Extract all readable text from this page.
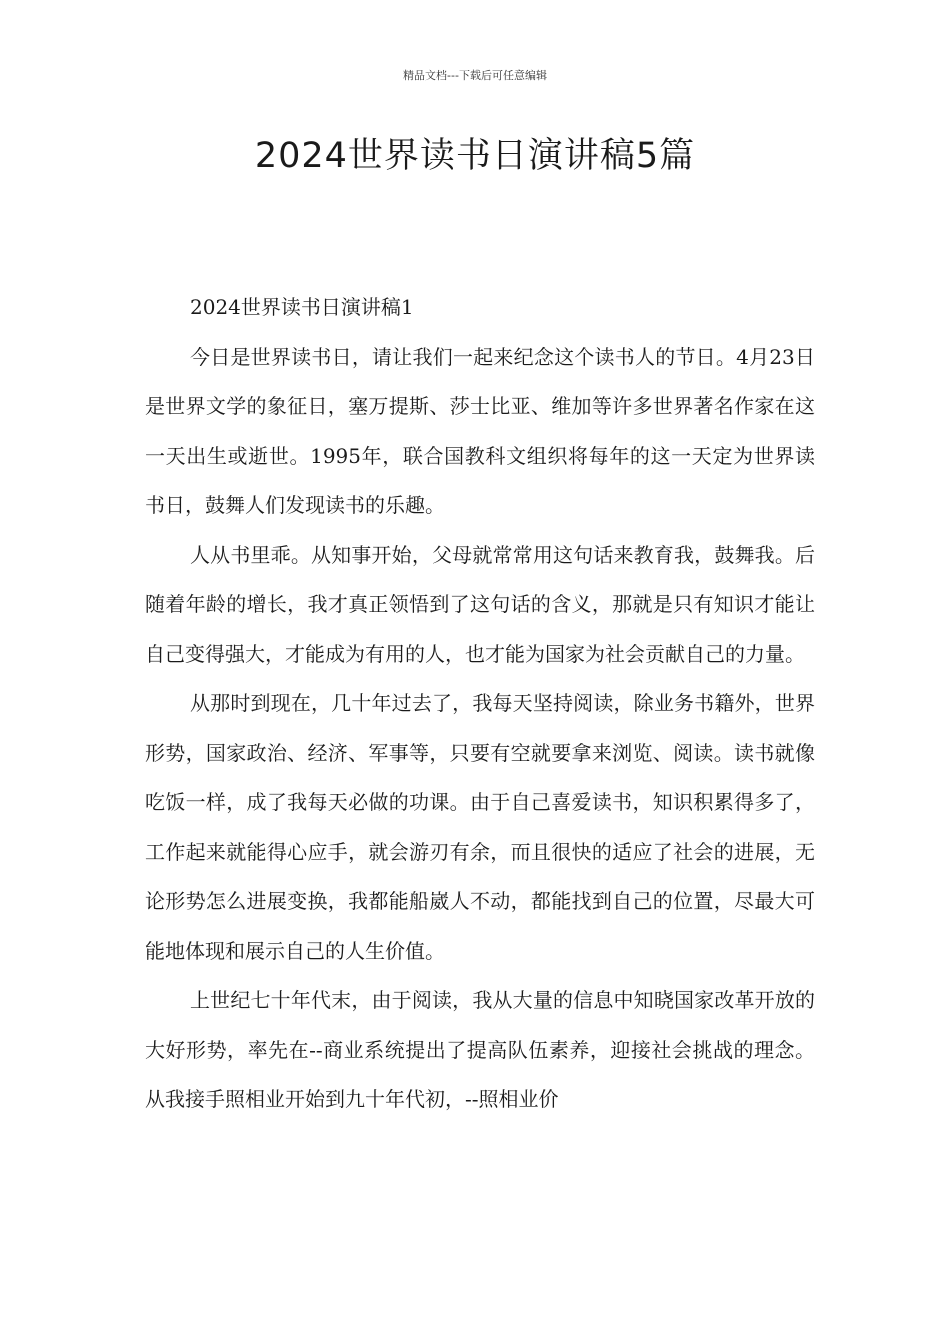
精品文档---下载后可任意编辑
2024世界读书日演讲稿5篇

2024世界读书日演讲稿1

今日是世界读书日，请让我们一起来纪念这个读书人的节日。4月23日是世界文学的象征日，塞万提斯、莎士比亚、维加等许多世界著名作家在这一天出生或逝世。1995年，联合国教科文组织将每年的这一天定为世界读书日，鼓舞人们发现读书的乐趣。

人从书里乖。从知事开始，父母就常常用这句话来教育我，鼓舞我。后随着年龄的增长，我才真正领悟到了这句话的含义，那就是只有知识才能让自己变得强大，才能成为有用的人，也才能为国家为社会贡献自己的力量。

从那时到现在，几十年过去了，我每天坚持阅读，除业务书籍外，世界形势，国家政治、经济、军事等，只要有空就要拿来浏览、阅读。读书就像吃饭一样，成了我每天必做的功课。由于自己喜爱读书，知识积累得多了，工作起来就能得心应手，就会游刃有余，而且很快的适应了社会的进展，无论形势怎么进展变换，我都能船崴人不动，都能找到自己的位置，尽最大可能地体现和展示自己的人生价值。

上世纪七十年代末，由于阅读，我从大量的信息中知晓国家改革开放的大好形势，率先在--商业系统提出了提高队伍素养，迎接社会挑战的理念。从我接手照相业开始到九十年代初，--照相业价
